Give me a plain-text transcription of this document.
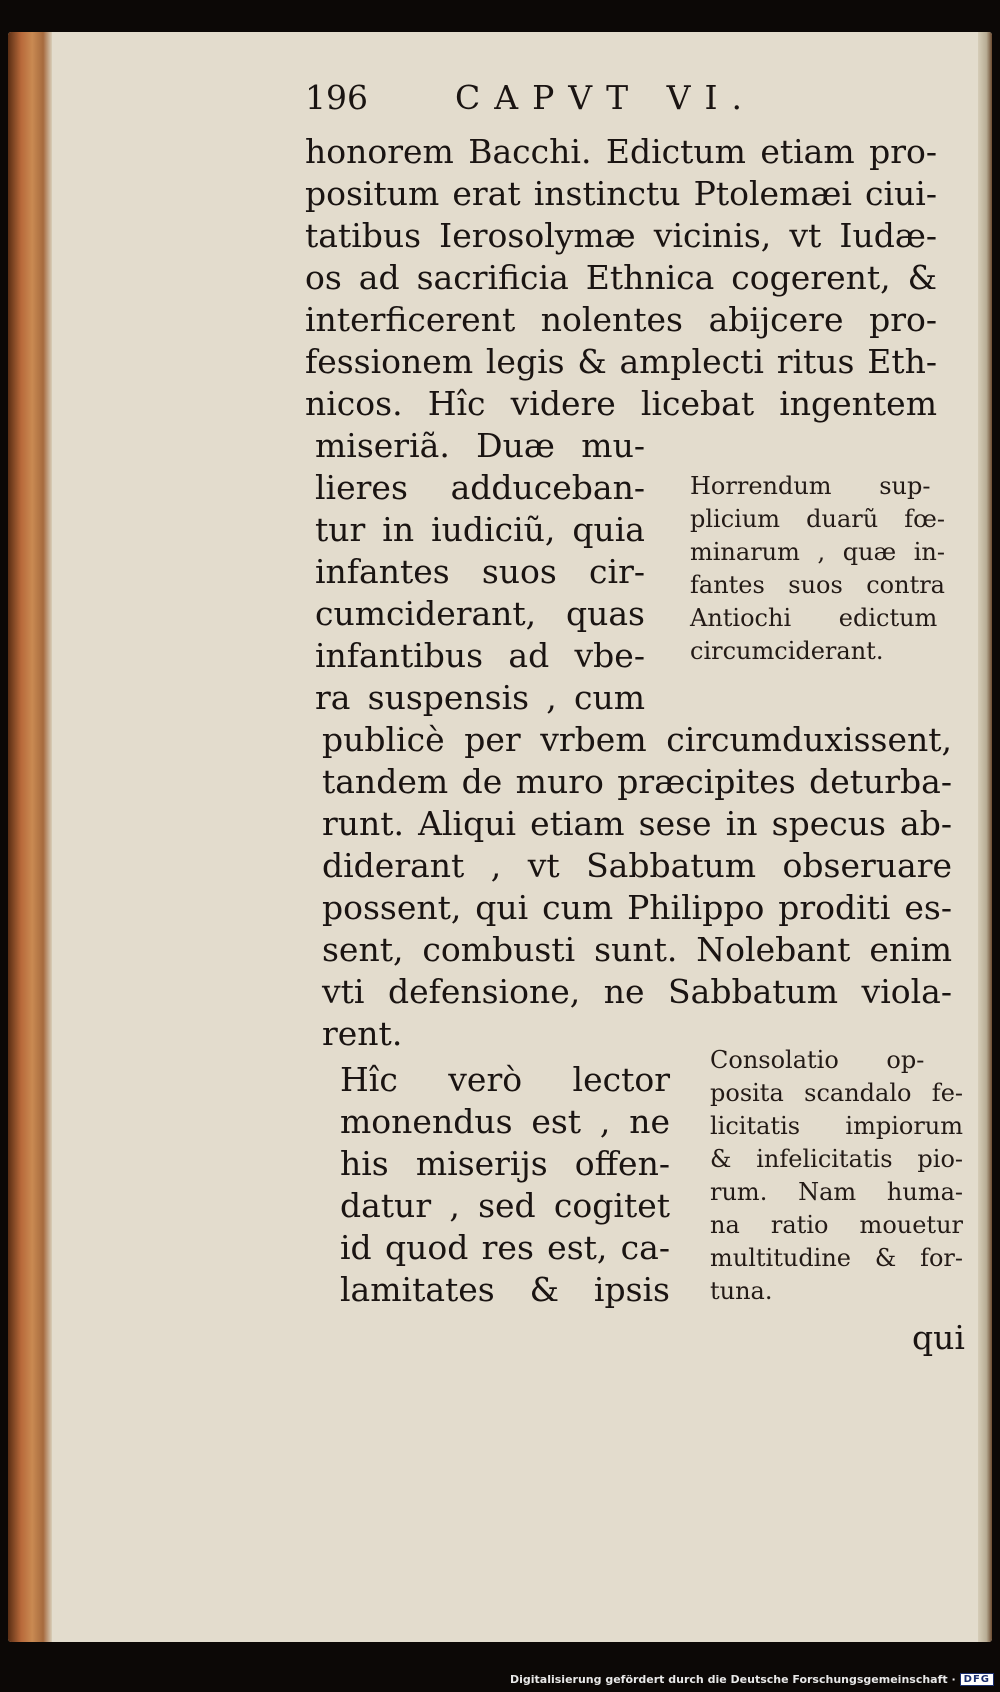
196	CAPVT VI.
honorem Bacchi. Edictum etiam pro-
positum erat instinctu Ptolemæi ciui-
tatibus Ierosolymæ vicinis, vt Iudæ-
os ad sacrificia Ethnica cogerent, &
interficerent nolentes abijcere pro-
fessionem legis & amplecti ritus Eth-
nicos. Hîc videre licebat ingentem
miseriã. Duæ mu-
lieres adduceban-
tur in iudiciũ, quia
infantes suos cir-
cumciderant, quas
infantibus ad vbe-
ra suspensis , cum
Horrendum sup-
plicium duarũ fœ-
minarum , quæ in-
fantes suos contra
Antiochi edictum
circumciderant.
publicè per vrbem circumduxissent,
tandem de muro præcipites deturba-
runt. Aliqui etiam sese in specus ab-
diderant , vt Sabbatum obseruare
possent, qui cum Philippo proditi es-
sent, combusti sunt. Nolebant enim
vti defensione, ne Sabbatum viola-
rent.
Hîc verò lector
monendus est , ne
his miserijs offen-
datur , sed cogitet
id quod res est, ca-
lamitates & ipsis
Consolatio op-
posita scandalo fe-
licitatis impiorum
& infelicitatis pio-
rum. Nam huma-
na ratio mouetur
multitudine & for-
tuna.
qui
Digitalisierung gefördert durch die Deutsche Forschungsgemeinschaft · DFG
